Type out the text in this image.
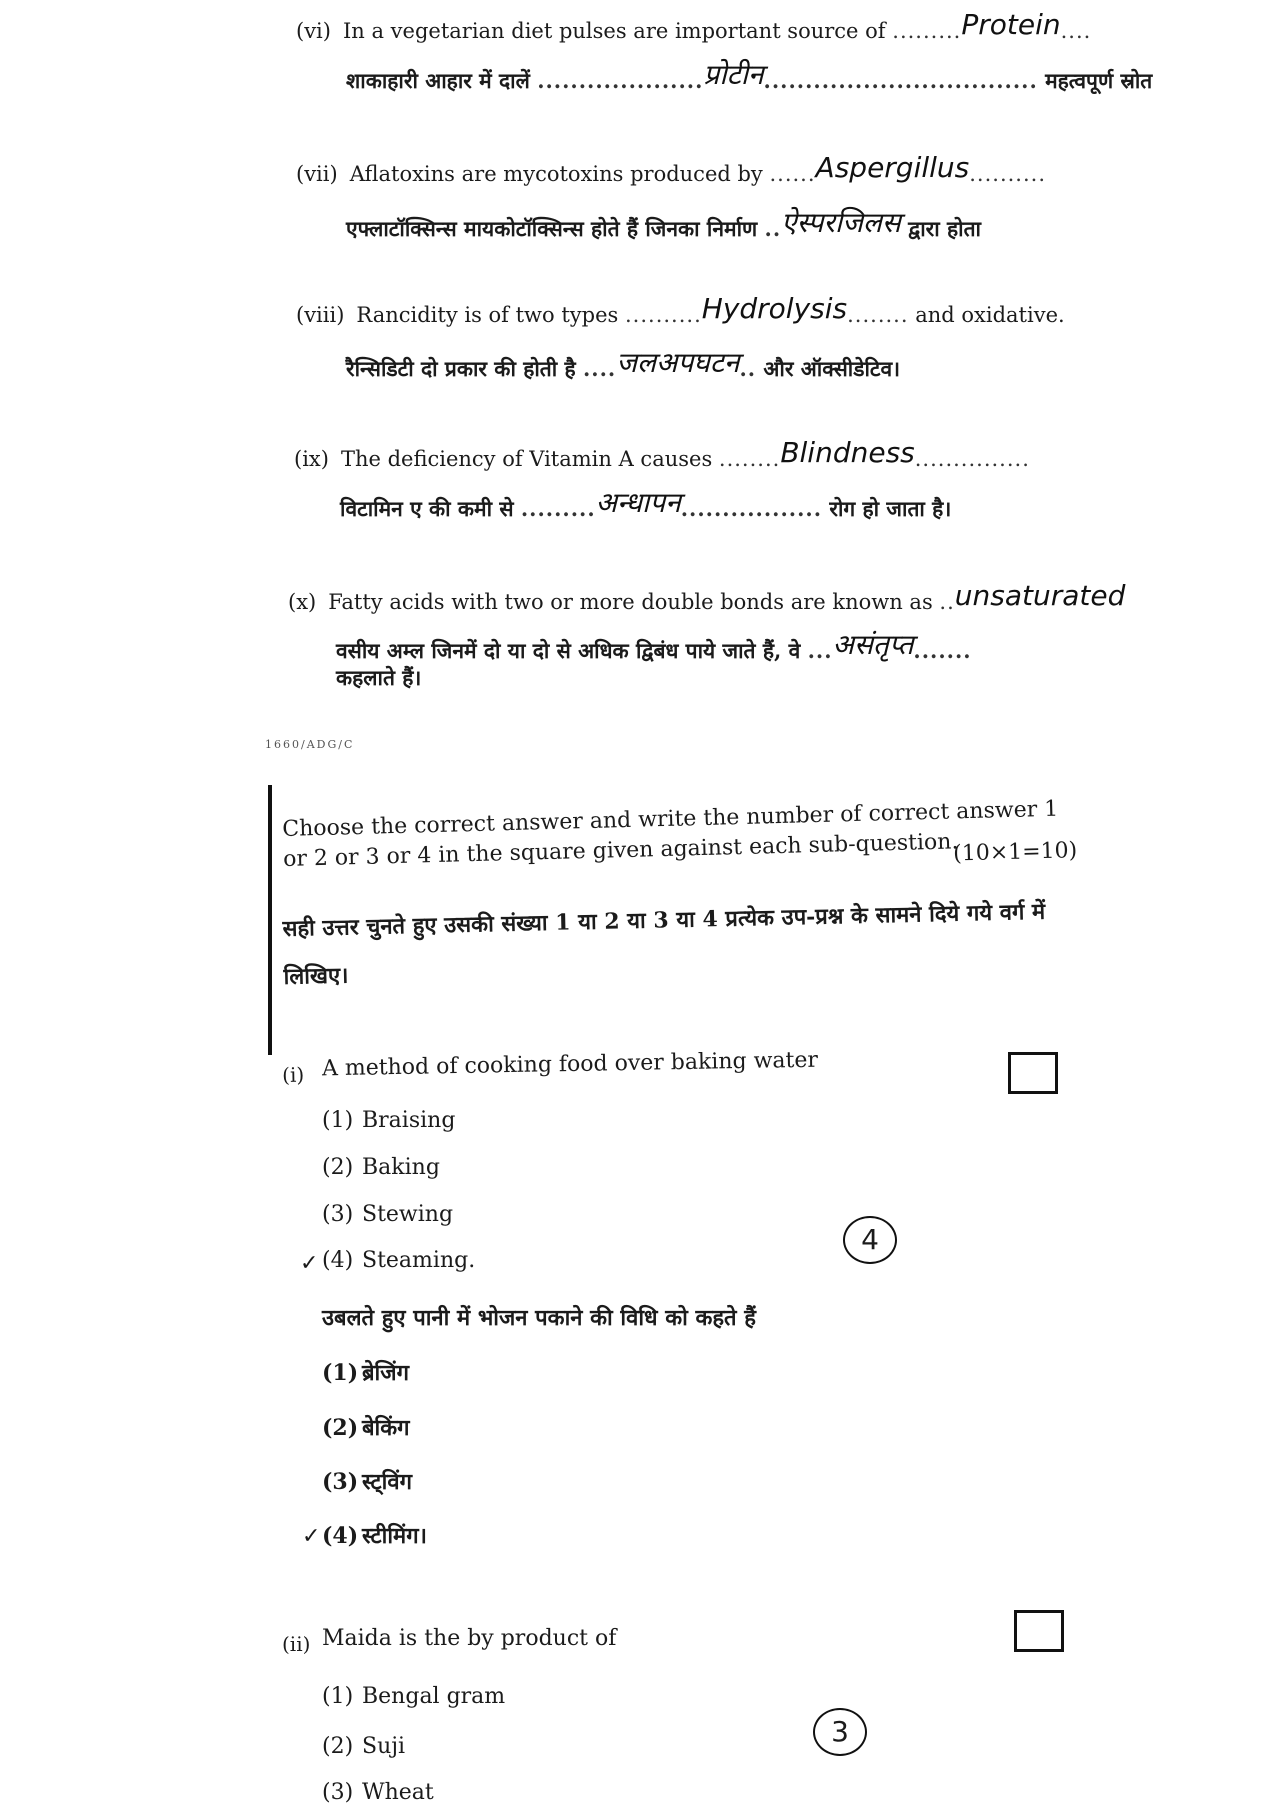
(vi) In a vegetarian diet pulses are important source of .........Protein....
शाकाहारी आहार में दालें ....................प्रोटीन................................. महत्वपूर्ण स्रोत
(vii) Aflatoxins are mycotoxins produced by ......Aspergillus..........
एफ्लाटॉक्सिन्स मायकोटॉक्सिन्स होते हैं जिनका निर्माण ..ऐस्परजिलस द्वारा होता
(viii) Rancidity is of two types ..........Hydrolysis........ and oxidative.
रैन्सिडिटी दो प्रकार की होती है ....जलअपघटन.. और ऑक्सीडेटिव।
(ix) The deficiency of Vitamin A causes ........Blindness...............
विटामिन ए की कमी से .........अन्धापन................. रोग हो जाता है।
(x) Fatty acids with two or more double bonds are known as ..unsaturated
वसीय अम्ल जिनमें दो या दो से अधिक द्विबंध पाये जाते हैं, वे ...असंतृप्त.......
कहलाते हैं।
1660/ADG/C
Choose the correct answer and write the number of correct answer 1 or 2 or 3 or 4 in the square given against each sub-question.
(10×1=10)
सही उत्तर चुनते हुए उसकी संख्या 1 या 2 या 3 या 4 प्रत्येक उप-प्रश्न के सामने दिये गये वर्ग में लिखिए।
(i) A method of cooking food over baking water
(1) Braising
(2) Baking
(3) Stewing
✓ (4) Steaming.
4
उबलते हुए पानी में भोजन पकाने की विधि को कहते हैं
(1) ब्रेजिंग
(2) बेकिंग
(3) स्ट्विंग
✓ (4) स्टीमिंग।
(ii) Maida is the by product of
(1) Bengal gram
(2) Suji
(3) Wheat
3
